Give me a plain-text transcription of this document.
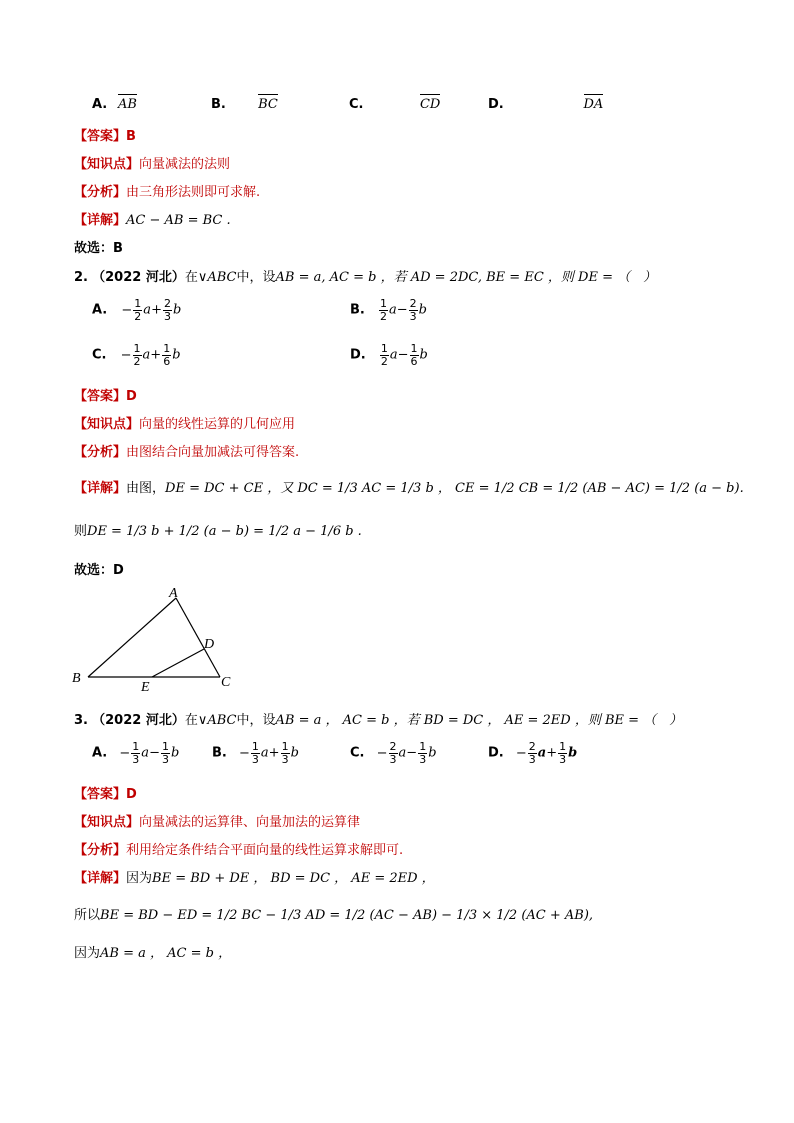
A. AB	B. BC	C.	CD	D.	DA
【答案】B
【知识点】向量减法的法则
【分析】由三角形法则即可求解.
【详解】AC − AB = BC .
故选：B
2. （2022 河北）在∨ABC中，设AB = a, AC = b ，若 AD = 2DC, BE = EC ，则 DE = （　）
A. − $\frac{1}{2} a+ \frac{2}{3}$ b	B. $\frac{1}{2} a- \frac{2}{3}$ b
C. − $\frac{1}{2} a+ \frac{1}{6}$ b	D. $\frac{1}{2} a- \frac{1}{6}$ b
【答案】D
【知识点】向量的线性运算的几何应用
【分析】由图结合向量加减法可得答案.
【详解】由图，DE = DC + CE ，又 DC = 1/3 AC = 1/3 b ， CE = 1/2 CB = 1/2 (AB − AC) = 1/2 (a − b).
则DE = 1/3 b + 1/2 (a − b) = 1/2 a − 1/6 b .
故选：D
A
B	C
D
E
3. （2022 河北）在∨ABC中，设AB = a ， AC = b ，若 BD = DC ， AE = 2ED ，则 BE = （　）
A. − $\frac{1}{3} a- \frac{1}{3}$ b	B. − $\frac{1}{3} a+ \frac{1}{3}$ b	C. − $\frac{2}{3} a- \frac{1}{3}$ b	D. − $\frac{2}{3} a+ \frac{1}{3}$ b
【答案】D
【知识点】向量减法的运算律、向量加法的运算律
【分析】利用给定条件结合平面向量的线性运算求解即可.
【详解】因为BE = BD + DE ， BD = DC ， AE = 2ED ，
所以BE = BD − ED = 1/2 BC − 1/3 AD = 1/2 (AC − AB) − 1/3 × 1/2 (AC + AB),
因为AB = a ， AC = b ，
